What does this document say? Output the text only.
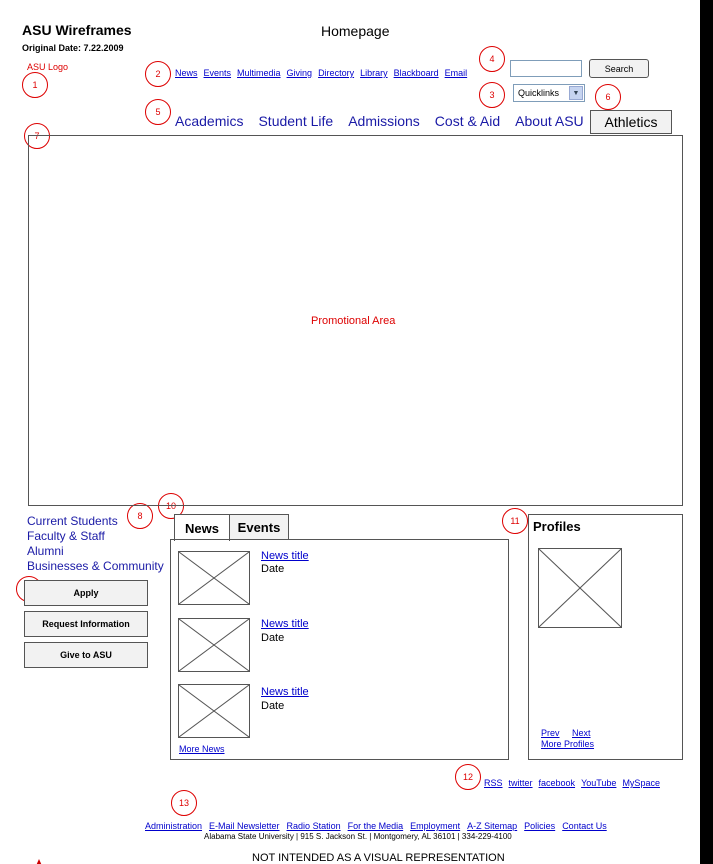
ASU Wireframes
Original Date: 7.22.2009
Homepage
ASU Logo
1
2
3
4
5
6
7
8
10
11
12
13
News Events Multimedia Giving Directory Library Blackboard Email	Search
Quicklinks	▼
Academics Student Life Admissions Cost & Aid About ASU	Athletics
Promotional Area
Current Students
Faculty & Staff
Alumni
Businesses & Community
Apply
Request Information
Give to ASU
News	Events
News title
Date
News title
Date
News title
Date
More News
Profiles
Prev Next
More Profiles
RSS twitter facebook YouTube MySpace
Administration E-Mail Newsletter Radio Station For the Media Employment A-Z Sitemap Policies Contact Us
Alabama State University | 915 S. Jackson St. | Montgomery, AL 36101 | 334-229-4100
NOT INTENDED AS A VISUAL REPRESENTATION
